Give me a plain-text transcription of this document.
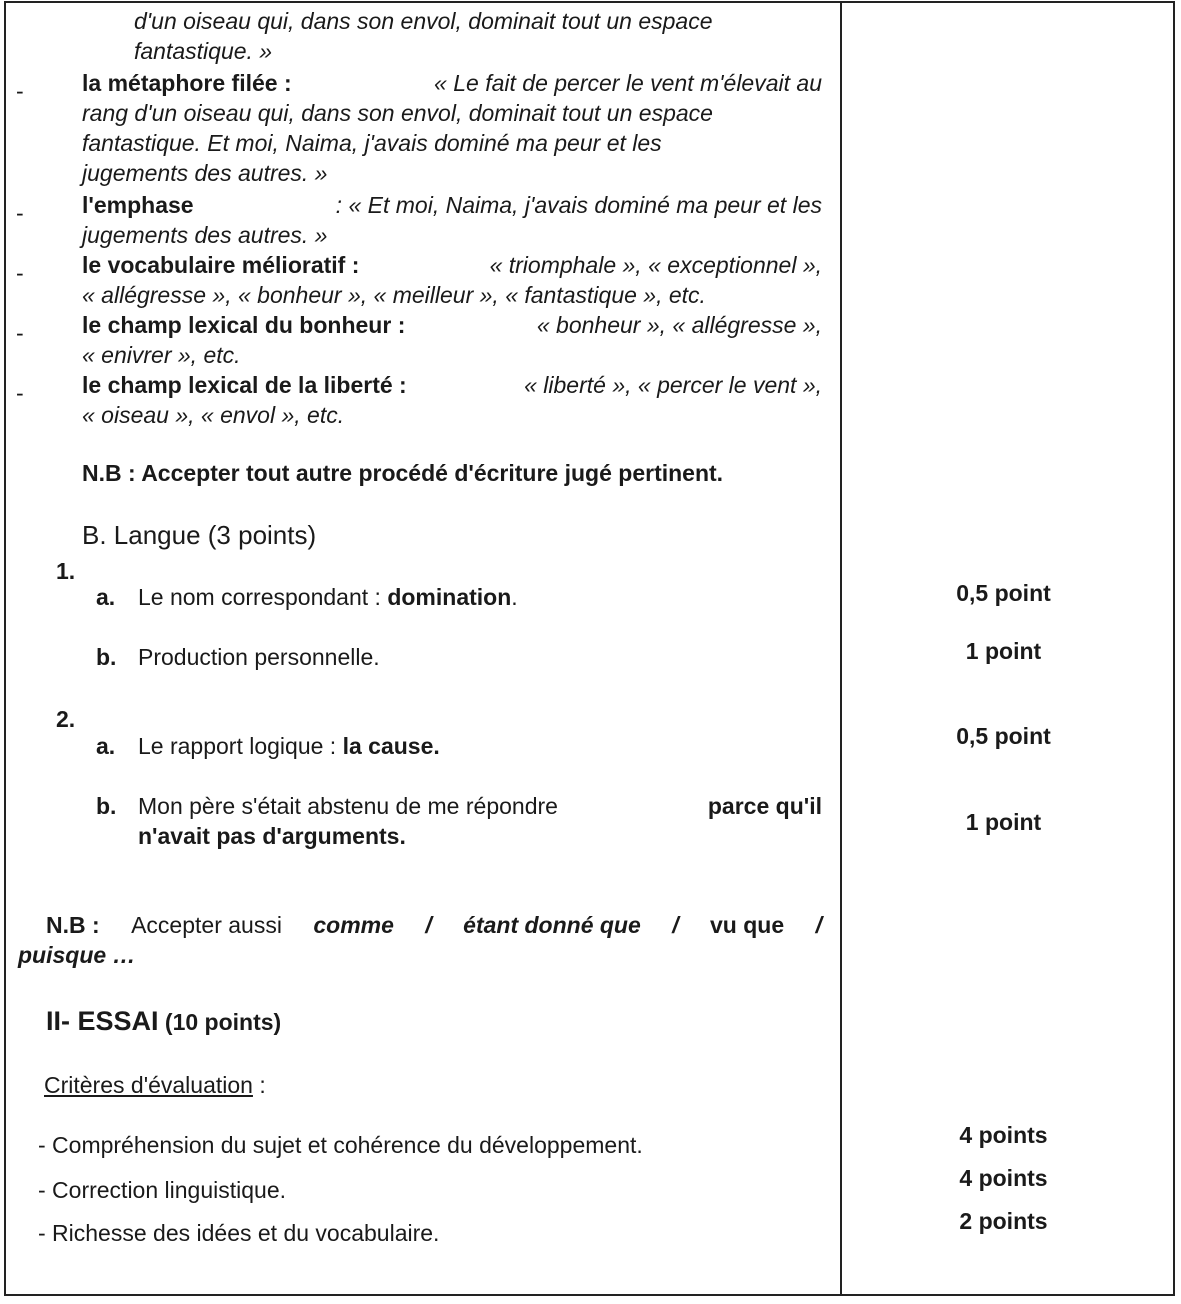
d'un oiseau qui, dans son envol, dominait tout un espace
fantastique. »
-	la métaphore filée :	« Le fait de percer le vent m'élevait au
rang d'un oiseau qui, dans son envol, dominait tout un espace
fantastique. Et moi, Naima, j'avais dominé ma peur et les
jugements des autres. »
-	l'emphase	: « Et moi, Naima, j'avais dominé ma peur et les
jugements des autres. »
-	le vocabulaire mélioratif :	« triomphale », « exceptionnel »,
« allégresse », « bonheur », « meilleur », « fantastique », etc.
-	le champ lexical du bonheur :	« bonheur », « allégresse »,
« enivrer », etc.
-	le champ lexical de la liberté :	« liberté », « percer le vent »,
« oiseau », « envol », etc.
N.B : Accepter tout autre procédé d'écriture jugé pertinent.
B. Langue (3 points)
1.
a. Le nom correspondant : domination.	0,5 point
b. Production personnelle.	1 point
2.
a. Le rapport logique : la cause.	0,5 point
b. Mon père s'était abstenu de me répondre	parce qu'il
n'avait pas d'arguments.
1 point
N.B : Accepter aussi comme / étant donné que / vu que /
puisque …
II- ESSAI (10 points)
Critères d'évaluation :
- Compréhension du sujet et cohérence du développement.	4 points
- Correction linguistique.	4 points
- Richesse des idées et du vocabulaire.	2 points
